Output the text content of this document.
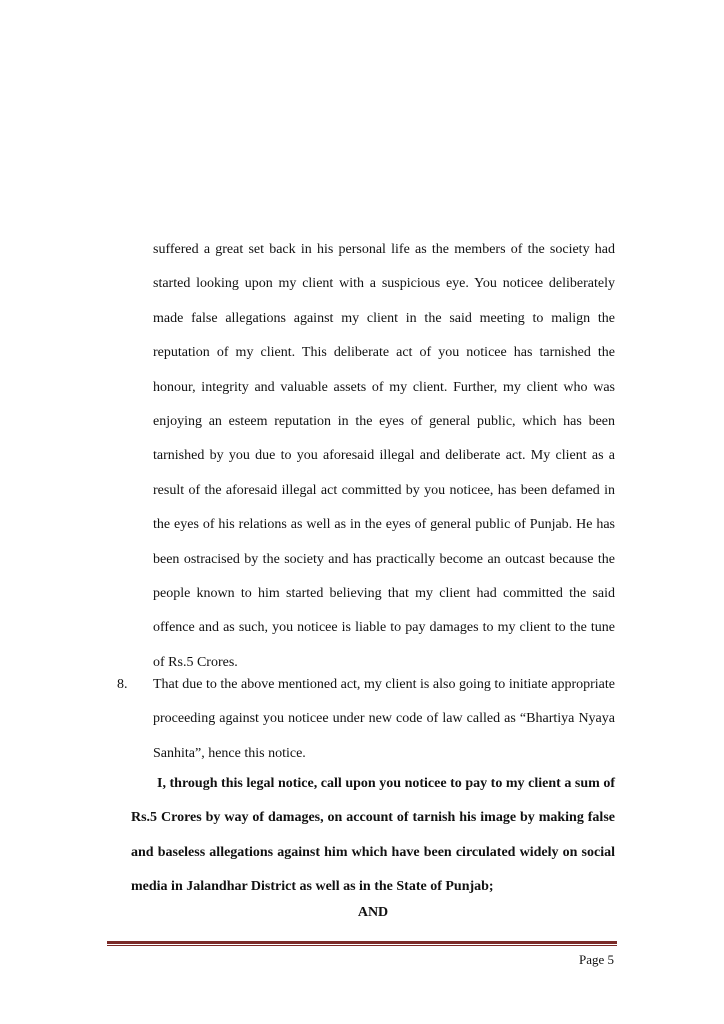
suffered a great set back in his personal life as the members of the society had started looking upon my client with a suspicious eye. You noticee deliberately made false allegations against my client in the said meeting to malign the reputation of my client. This deliberate act of you noticee has tarnished the honour, integrity and valuable assets of my client. Further, my client who was enjoying an esteem reputation in the eyes of general public, which has been tarnished by you due to you aforesaid illegal and deliberate act. My client as a result of the aforesaid illegal act committed by you noticee, has been defamed in the eyes of his relations as well as in the eyes of general public of Punjab. He has been ostracised by the society and has practically become an outcast because the people known to him started believing that my client had committed the said offence and as such, you noticee is liable to pay damages to my client to the tune of Rs.5 Crores.

8. That due to the above mentioned act, my client is also going to initiate appropriate proceeding against you noticee under new code of law called as “Bhartiya Nyaya Sanhita”, hence this notice.

I, through this legal notice, call upon you noticee to pay to my client a sum of Rs.5 Crores by way of damages, on account of tarnish his image by making false and baseless allegations against him which have been circulated widely on social media in Jalandhar District as well as in the State of Punjab;

AND

Page 5
